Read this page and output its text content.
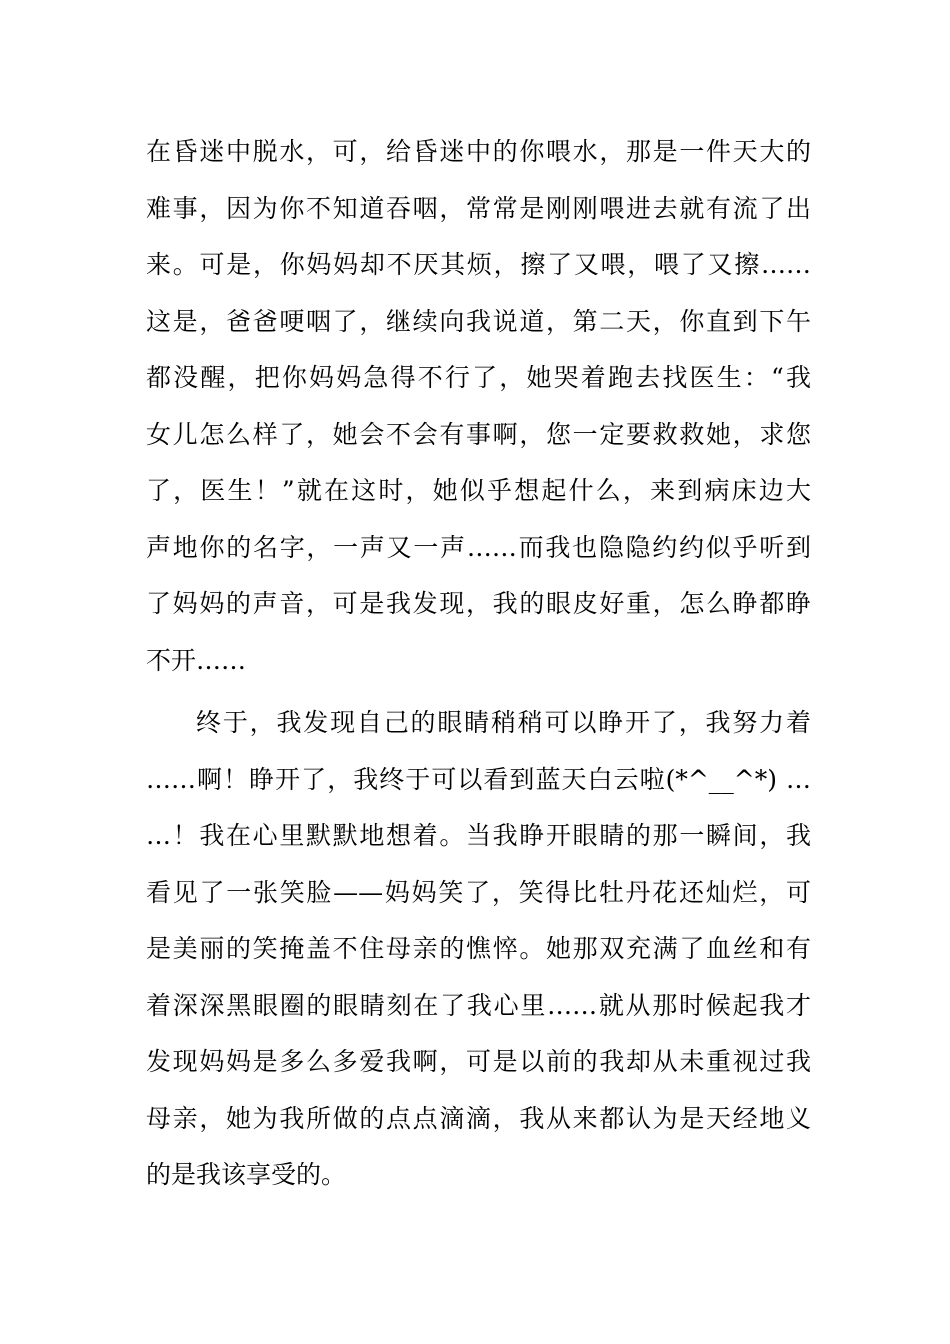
在昏迷中脱水，可，给昏迷中的你喂水，那是一件天大的
难事，因为你不知道吞咽，常常是刚刚喂进去就有流了出
来。可是，你妈妈却不厌其烦，擦了又喂，喂了又擦……
这是，爸爸哽咽了，继续向我说道，第二天，你直到下午
都没醒，把你妈妈急得不行了，她哭着跑去找医生：“我
女儿怎么样了，她会不会有事啊，您一定要救救她，求您
了，医生！”就在这时，她似乎想起什么，来到病床边大
声地你的名字，一声又一声……而我也隐隐约约似乎听到
了妈妈的声音，可是我发现，我的眼皮好重，怎么睁都睁
不开……
终于，我发现自己的眼睛稍稍可以睁开了，我努力着
……啊！睁开了，我终于可以看到蓝天白云啦(*^__^*) …
…！我在心里默默地想着。当我睁开眼睛的那一瞬间，我
看见了一张笑脸——妈妈笑了，笑得比牡丹花还灿烂，可
是美丽的笑掩盖不住母亲的憔悴。她那双充满了血丝和有
着深深黑眼圈的眼睛刻在了我心里……就从那时候起我才
发现妈妈是多么多爱我啊，可是以前的我却从未重视过我
母亲，她为我所做的点点滴滴，我从来都认为是天经地义
的是我该享受的。
